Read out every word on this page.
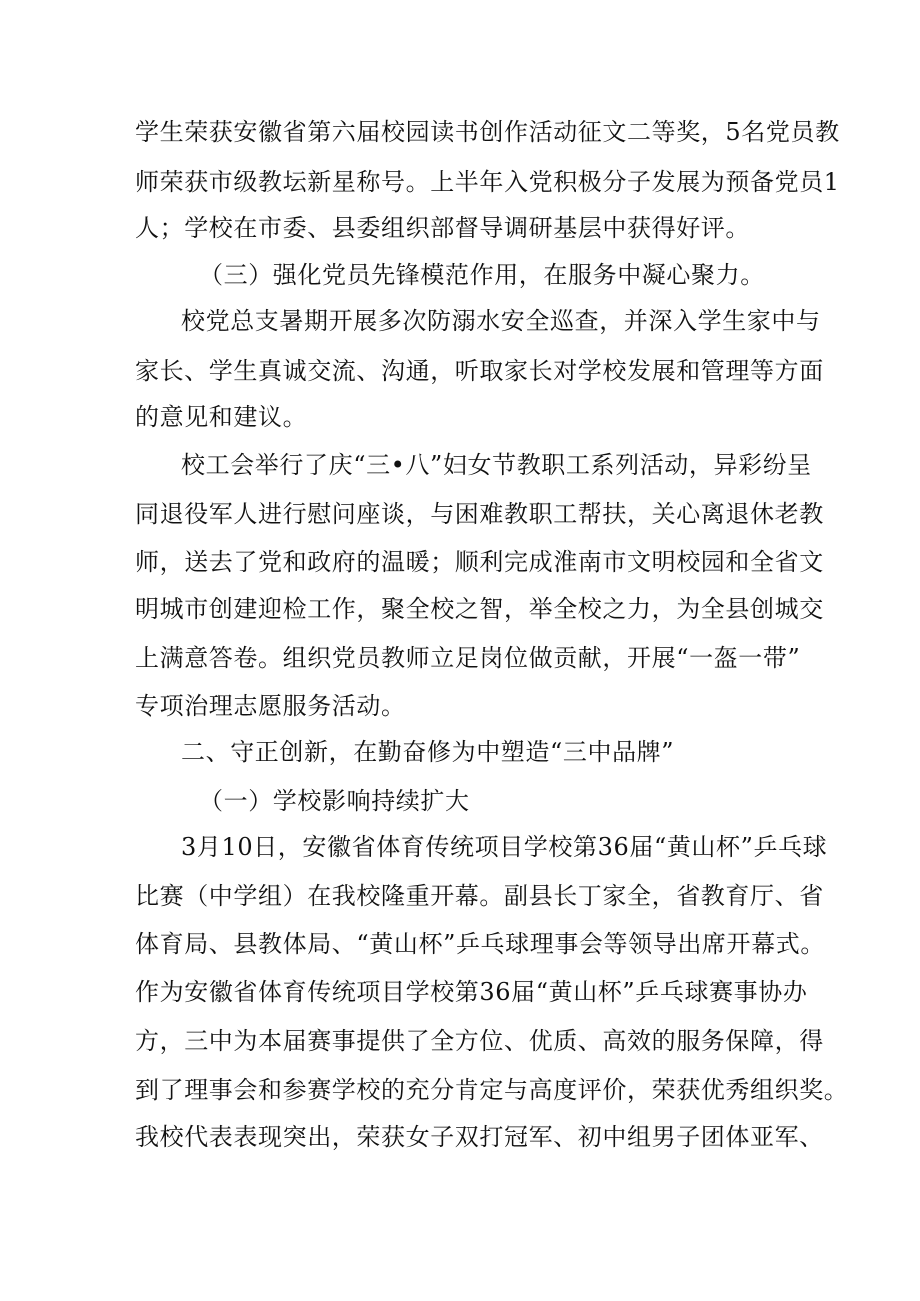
学生荣获安徽省第六届校园读书创作活动征文二等奖，5名党员教
师荣获市级教坛新星称号。上半年入党积极分子发展为预备党员1
人；学校在市委、县委组织部督导调研基层中获得好评。
（三）强化党员先锋模范作用，在服务中凝心聚力。
校党总支暑期开展多次防溺水安全巡查，并深入学生家中与
家长、学生真诚交流、沟通，听取家长对学校发展和管理等方面
的意见和建议。
校工会举行了庆“三•八”妇女节教职工系列活动，异彩纷呈
同退役军人进行慰问座谈，与困难教职工帮扶，关心离退休老教
师，送去了党和政府的温暖；顺利完成淮南市文明校园和全省文
明城市创建迎检工作，聚全校之智，举全校之力，为全县创城交
上满意答卷。组织党员教师立足岗位做贡献，开展“一盔一带”
专项治理志愿服务活动。
二、守正创新，在勤奋修为中塑造“三中品牌”
（一）学校影响持续扩大
3月10日，安徽省体育传统项目学校第36届“黄山杯”乒乓球
比赛（中学组）在我校隆重开幕。副县长丁家全，省教育厅、省
体育局、县教体局、“黄山杯”乒乓球理事会等领导出席开幕式。
作为安徽省体育传统项目学校第36届“黄山杯”乒乓球赛事协办
方，三中为本届赛事提供了全方位、优质、高效的服务保障，得
到了理事会和参赛学校的充分肯定与高度评价，荣获优秀组织奖。
我校代表表现突出，荣获女子双打冠军、初中组男子团体亚军、
